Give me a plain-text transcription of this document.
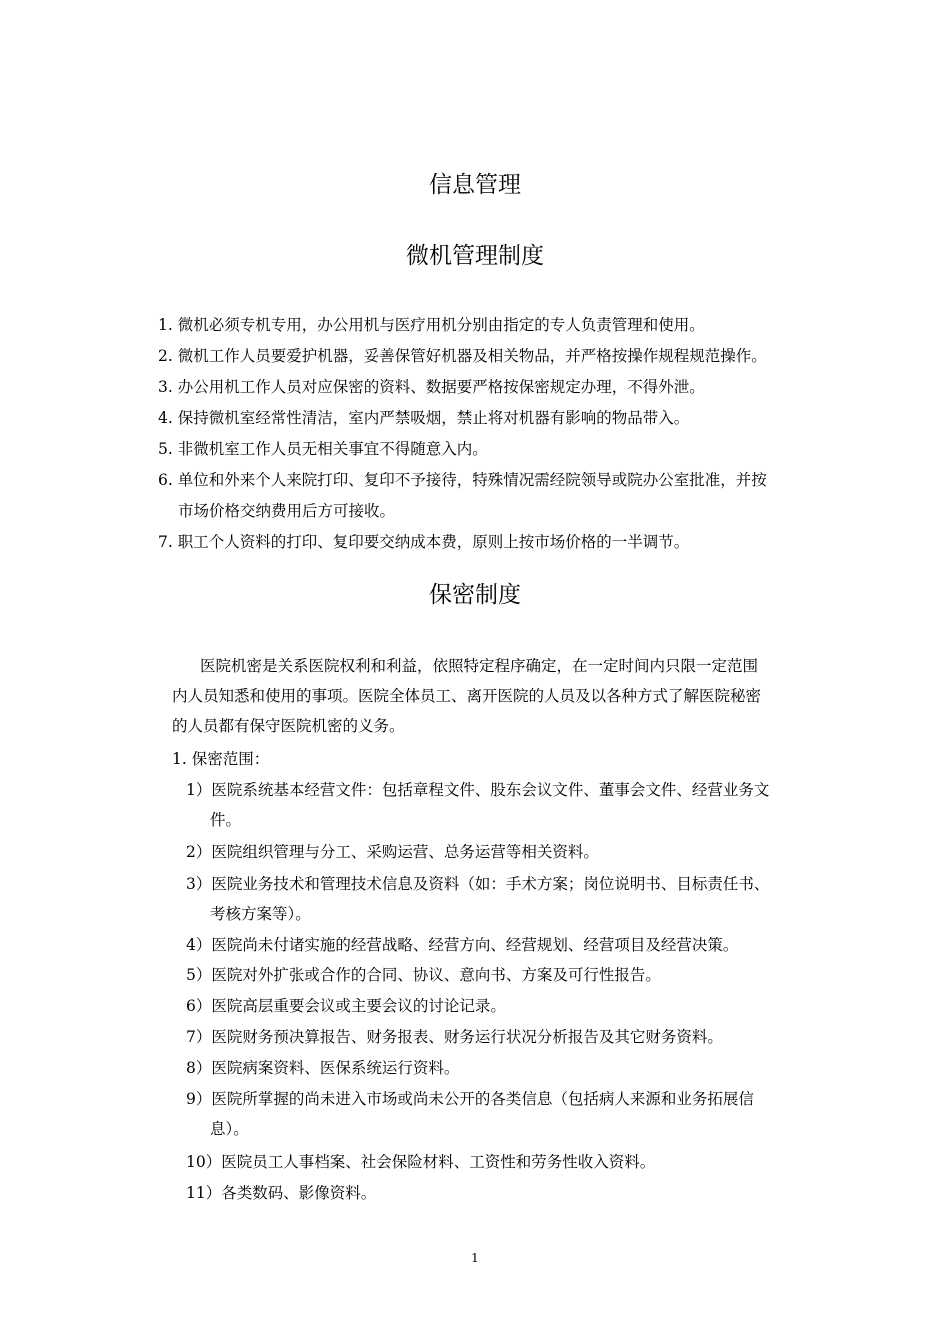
信息管理
微机管理制度
1. 微机必须专机专用，办公用机与医疗用机分别由指定的专人负责管理和使用。
2. 微机工作人员要爱护机器，妥善保管好机器及相关物品，并严格按操作规程规范操作。
3. 办公用机工作人员对应保密的资料、数据要严格按保密规定办理，不得外泄。
4. 保持微机室经常性清洁，室内严禁吸烟，禁止将对机器有影响的物品带入。
5. 非微机室工作人员无相关事宜不得随意入内。
6. 单位和外来个人来院打印、复印不予接待，特殊情况需经院领导或院办公室批准，并按
市场价格交纳费用后方可接收。
7. 职工个人资料的打印、复印要交纳成本费，原则上按市场价格的一半调节。
保密制度
医院机密是关系医院权利和利益，依照特定程序确定，在一定时间内只限一定范围
内人员知悉和使用的事项。医院全体员工、离开医院的人员及以各种方式了解医院秘密
的人员都有保守医院机密的义务。
1. 保密范围：
1）医院系统基本经营文件：包括章程文件、股东会议文件、董事会文件、经营业务文
件。
2）医院组织管理与分工、采购运营、总务运营等相关资料。
3）医院业务技术和管理技术信息及资料（如：手术方案；岗位说明书、目标责任书、
考核方案等）。
4）医院尚未付诸实施的经营战略、经营方向、经营规划、经营项目及经营决策。
5）医院对外扩张或合作的合同、协议、意向书、方案及可行性报告。
6）医院高层重要会议或主要会议的讨论记录。
7）医院财务预决算报告、财务报表、财务运行状况分析报告及其它财务资料。
8）医院病案资料、医保系统运行资料。
9）医院所掌握的尚未进入市场或尚未公开的各类信息（包括病人来源和业务拓展信
息）。
10）医院员工人事档案、社会保险材料、工资性和劳务性收入资料。
11）各类数码、影像资料。
1
